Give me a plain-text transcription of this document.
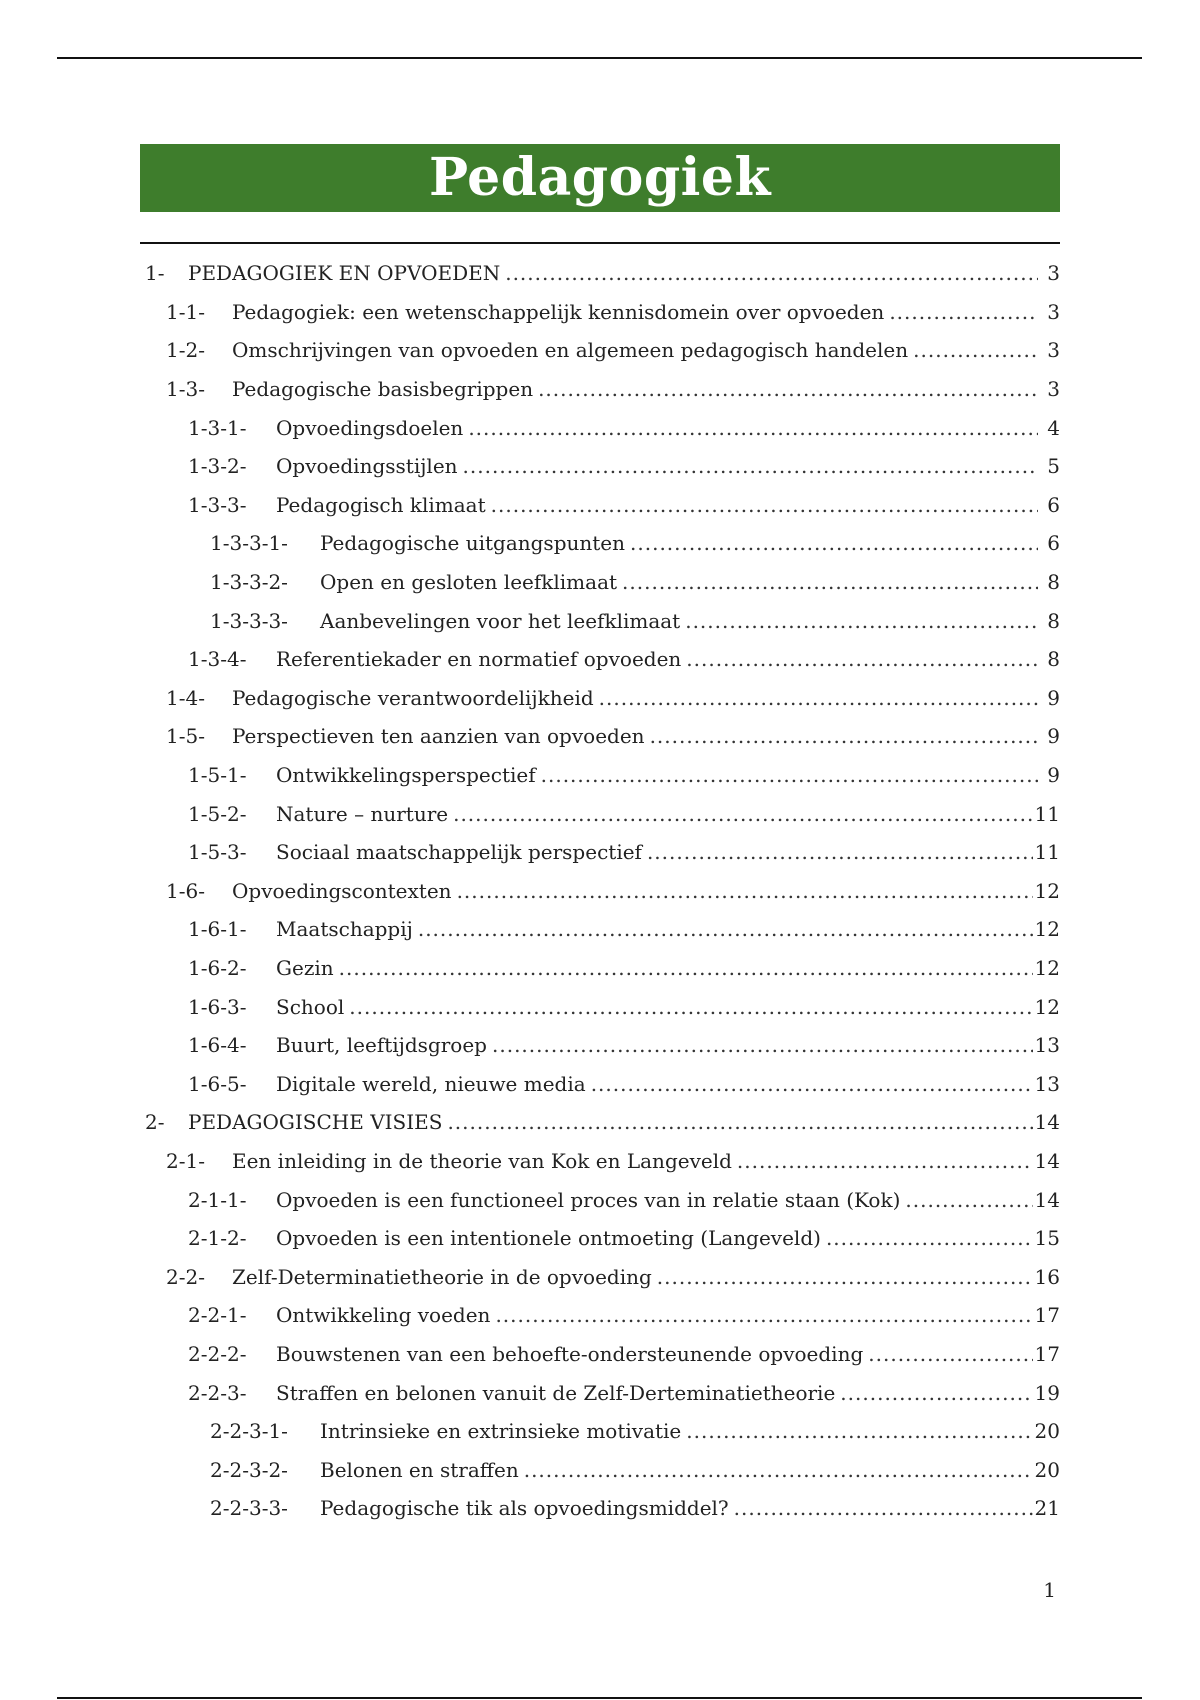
Pedagogiek
1-	PEDAGOGIEK EN OPVOEDEN .....	3
1-1-	Pedagogiek: een wetenschappelijk kennisdomein over opvoeden .....	3
1-2-	Omschrijvingen van opvoeden en algemeen pedagogisch handelen .....	3
1-3-	Pedagogische basisbegrippen .....	3
1-3-1-	Opvoedingsdoelen .....	4
1-3-2-	Opvoedingsstijlen .....	5
1-3-3-	Pedagogisch klimaat .....	6
1-3-3-1-	Pedagogische uitgangspunten .....	6
1-3-3-2-	Open en gesloten leefklimaat .....	8
1-3-3-3-	Aanbevelingen voor het leefklimaat .....	8
1-3-4-	Referentiekader en normatief opvoeden .....	8
1-4-	Pedagogische verantwoordelijkheid .....	9
1-5-	Perspectieven ten aanzien van opvoeden .....	9
1-5-1-	Ontwikkelingsperspectief .....	9
1-5-2-	Nature – nurture .....	11
1-5-3-	Sociaal maatschappelijk perspectief .....	11
1-6-	Opvoedingscontexten .....	12
1-6-1-	Maatschappij .....	12
1-6-2-	Gezin .....	12
1-6-3-	School .....	12
1-6-4-	Buurt, leeftijdsgroep .....	13
1-6-5-	Digitale wereld, nieuwe media .....	13
2-	PEDAGOGISCHE VISIES .....	14
2-1-	Een inleiding in de theorie van Kok en Langeveld .....	14
2-1-1-	Opvoeden is een functioneel proces van in relatie staan (Kok) .....	14
2-1-2-	Opvoeden is een intentionele ontmoeting (Langeveld) .....	15
2-2-	Zelf-Determinatietheorie in de opvoeding .....	16
2-2-1-	Ontwikkeling voeden .....	17
2-2-2-	Bouwstenen van een behoefte-ondersteunende opvoeding .....	17
2-2-3-	Straffen en belonen vanuit de Zelf-Derteminatietheorie .....	19
2-2-3-1-	Intrinsieke en extrinsieke motivatie .....	20
2-2-3-2-	Belonen en straffen .....	20
2-2-3-3-	Pedagogische tik als opvoedingsmiddel? .....	21
1
